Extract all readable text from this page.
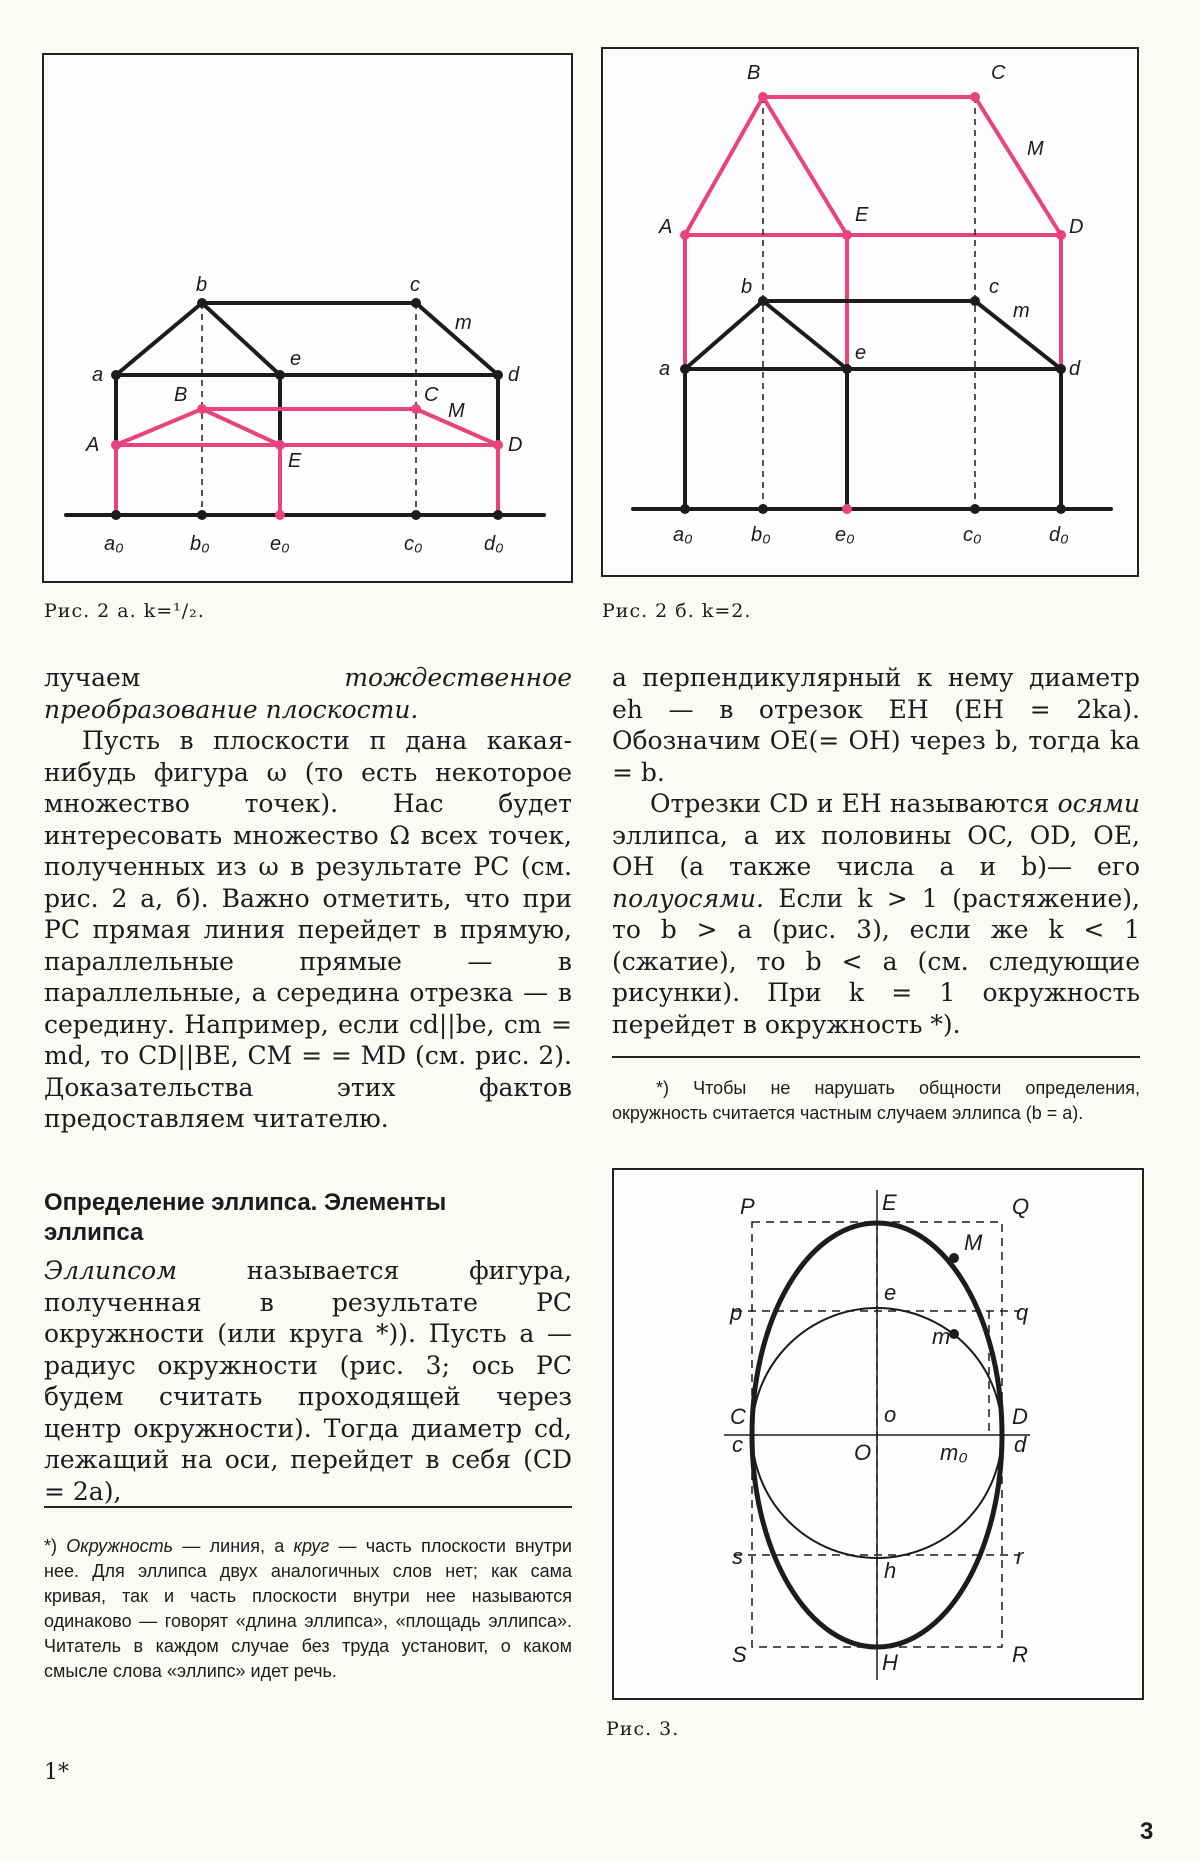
b	c
m
a
e
d
B	C
M
A
E
D
a₀	b₀	e₀	c₀	d₀
Рис. 2 а. k=¹/₂.
B	C
M
A
E
D
b	c
m
a
e
d
a₀	b₀	e₀	c₀	d₀
Рис. 2 б. k=2.

лучаем тождественное преобразование плоскости.

Пусть в плоскости π дана какая-нибудь фигура ω (то есть некоторое множество точек). Нас будет интересовать множество Ω всех точек, полученных из ω в результате РС (см. рис. 2 а, б). Важно отметить, что при РС прямая линия перейдет в прямую, параллельные прямые — в параллельные, а середина отрезка — в середину. Например, если cd||be, cm = md, то CD||BE, CM = = MD (см. рис. 2). Доказательства этих фактов предоставляем читателю.

Определение эллипса. Элементы эллипса

Эллипсом называется фигура, полученная в результате РС окружности (или круга *)). Пусть a — радиус окружности (рис. 3; ось РС будем считать проходящей через центр окружности). Тогда диаметр cd, лежащий на оси, перейдет в себя (CD = 2a),

*) Окружность — линия, а круг — часть плоскости внутри нее. Для эллипса двух аналогичных слов нет; как сама кривая, так и часть плоскости внутри нее называются одинаково — говорят «длина эллипса», «площадь эллипса». Читатель в каждом случае без труда установит, о каком смысле слова «эллипс» идет речь.
1*

а перпендикулярный к нему диаметр eh — в отрезок EH (EH = 2ka). Обозначим OE(= OH) через b, тогда ka = b.

Отрезки CD и EH называются осями эллипса, а их половины OC, OD, OE, OH (а также числа a и b)— его полуосями. Если k > 1 (растяжение), то b > a (рис. 3), если же k < 1 (сжатие), то b < a (см. следующие рисунки). При k = 1 окружность перейдет в окружность *).

*) Чтобы не нарушать общности определения, окружность считается частным случаем эллипса (b = a).
P	E	Q
M
p
e
q
m
C
c
o
O	m₀
D
d
s	r
h
S	H	R
Рис. 3.
3
